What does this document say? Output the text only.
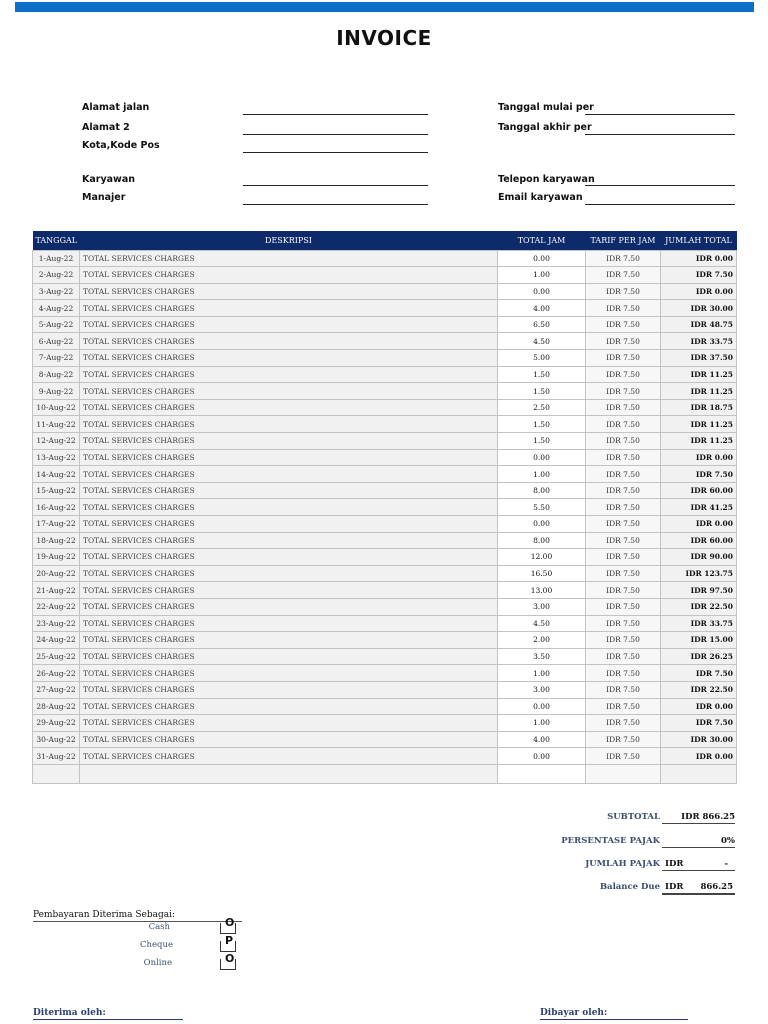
INVOICE
Alamat jalan
Alamat 2
Kota,Kode Pos
Karyawan
Manajer
Tanggal mulai per
Tanggal akhir per
Telepon karyawan
Email karyawan
TANGGAL	DESKRIPSI	TOTAL JAM	TARIF PER JAM	JUMLAH TOTAL
1-Aug-22	TOTAL SERVICES CHARGES	0.00	IDR 7.50	IDR 0.00
2-Aug-22	TOTAL SERVICES CHARGES	1.00	IDR 7.50	IDR 7.50
3-Aug-22	TOTAL SERVICES CHARGES	0.00	IDR 7.50	IDR 0.00
4-Aug-22	TOTAL SERVICES CHARGES	4.00	IDR 7.50	IDR 30.00
5-Aug-22	TOTAL SERVICES CHARGES	6.50	IDR 7.50	IDR 48.75
6-Aug-22	TOTAL SERVICES CHARGES	4.50	IDR 7.50	IDR 33.75
7-Aug-22	TOTAL SERVICES CHARGES	5.00	IDR 7.50	IDR 37.50
8-Aug-22	TOTAL SERVICES CHARGES	1.50	IDR 7.50	IDR 11.25
9-Aug-22	TOTAL SERVICES CHARGES	1.50	IDR 7.50	IDR 11.25
10-Aug-22	TOTAL SERVICES CHARGES	2.50	IDR 7.50	IDR 18.75
11-Aug-22	TOTAL SERVICES CHARGES	1.50	IDR 7.50	IDR 11.25
12-Aug-22	TOTAL SERVICES CHARGES	1.50	IDR 7.50	IDR 11.25
13-Aug-22	TOTAL SERVICES CHARGES	0.00	IDR 7.50	IDR 0.00
14-Aug-22	TOTAL SERVICES CHARGES	1.00	IDR 7.50	IDR 7.50
15-Aug-22	TOTAL SERVICES CHARGES	8.00	IDR 7.50	IDR 60.00
16-Aug-22	TOTAL SERVICES CHARGES	5.50	IDR 7.50	IDR 41.25
17-Aug-22	TOTAL SERVICES CHARGES	0.00	IDR 7.50	IDR 0.00
18-Aug-22	TOTAL SERVICES CHARGES	8.00	IDR 7.50	IDR 60.00
19-Aug-22	TOTAL SERVICES CHARGES	12.00	IDR 7.50	IDR 90.00
20-Aug-22	TOTAL SERVICES CHARGES	16.50	IDR 7.50	IDR 123.75
21-Aug-22	TOTAL SERVICES CHARGES	13.00	IDR 7.50	IDR 97.50
22-Aug-22	TOTAL SERVICES CHARGES	3.00	IDR 7.50	IDR 22.50
23-Aug-22	TOTAL SERVICES CHARGES	4.50	IDR 7.50	IDR 33.75
24-Aug-22	TOTAL SERVICES CHARGES	2.00	IDR 7.50	IDR 15.00
25-Aug-22	TOTAL SERVICES CHARGES	3.50	IDR 7.50	IDR 26.25
26-Aug-22	TOTAL SERVICES CHARGES	1.00	IDR 7.50	IDR 7.50
27-Aug-22	TOTAL SERVICES CHARGES	3.00	IDR 7.50	IDR 22.50
28-Aug-22	TOTAL SERVICES CHARGES	0.00	IDR 7.50	IDR 0.00
29-Aug-22	TOTAL SERVICES CHARGES	1.00	IDR 7.50	IDR 7.50
30-Aug-22	TOTAL SERVICES CHARGES	4.00	IDR 7.50	IDR 30.00
31-Aug-22	TOTAL SERVICES CHARGES	0.00	IDR 7.50	IDR 0.00

SUBTOTAL	IDR 866.25
PERSENTASE PAJAK	0%
JUMLAH PAJAK IDR	-
Balance Due IDR	866.25
Pembayaran Diterima Sebagai:
Cash	O
Cheque	P
Online	O
Diterima oleh:	Dibayar oleh:
